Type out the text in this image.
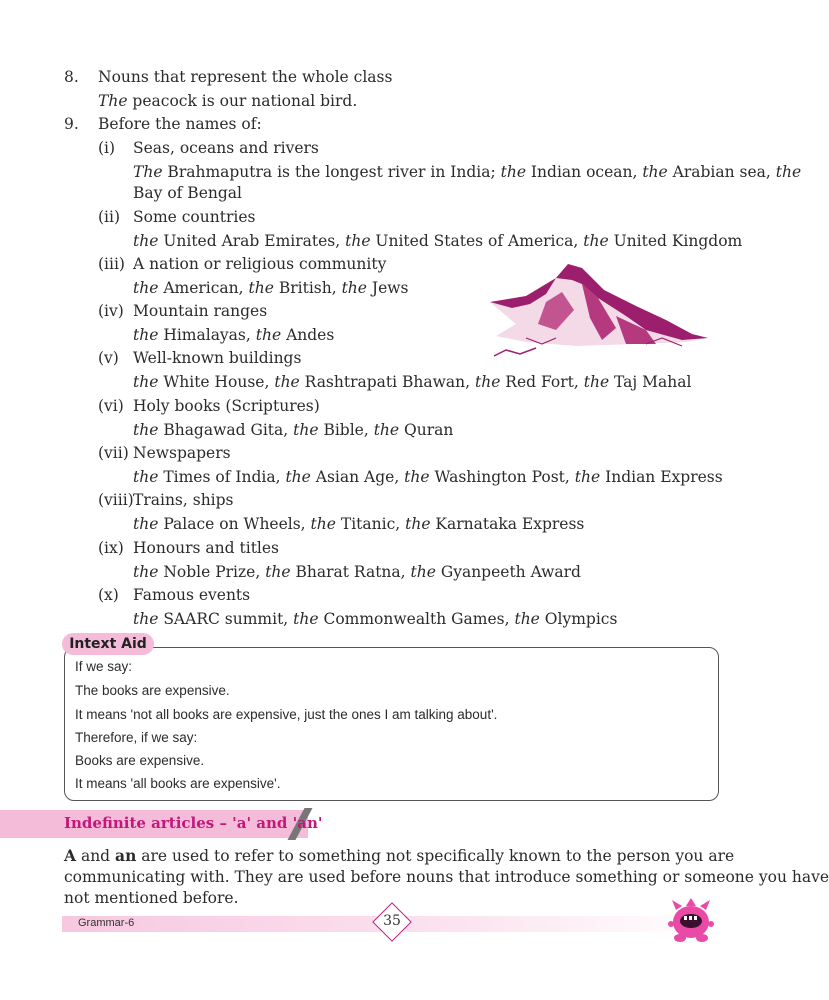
8. Nouns that represent the whole class
The peacock is our national bird.
9. Before the names of:
(i) Seas, oceans and rivers
The Brahmaputra is the longest river in India; the Indian ocean, the Arabian sea, the
Bay of Bengal
(ii) Some countries
the United Arab Emirates, the United States of America, the United Kingdom
(iii) A nation or religious community
the American, the British, the Jews
(iv) Mountain ranges
the Himalayas, the Andes
(v) Well-known buildings
the White House, the Rashtrapati Bhawan, the Red Fort, the Taj Mahal
(vi) Holy books (Scriptures)
the Bhagawad Gita, the Bible, the Quran
(vii) Newspapers
the Times of India, the Asian Age, the Washington Post, the Indian Express
(viii) Trains, ships
the Palace on Wheels, the Titanic, the Karnataka Express
(ix) Honours and titles
the Noble Prize, the Bharat Ratna, the Gyanpeeth Award
(x) Famous events
the SAARC summit, the Commonwealth Games, the Olympics
Intext Aid
If we say:
The books are expensive.
It means 'not all books are expensive, just the ones I am talking about'.
Therefore, if we say:
Books are expensive.
It means 'all books are expensive'.
Indefinite articles – 'a' and 'an'
A and an are used to refer to something not specifically known to the person you are
communicating with. They are used before nouns that introduce something or someone you have
not mentioned before.
Grammar-6	35
